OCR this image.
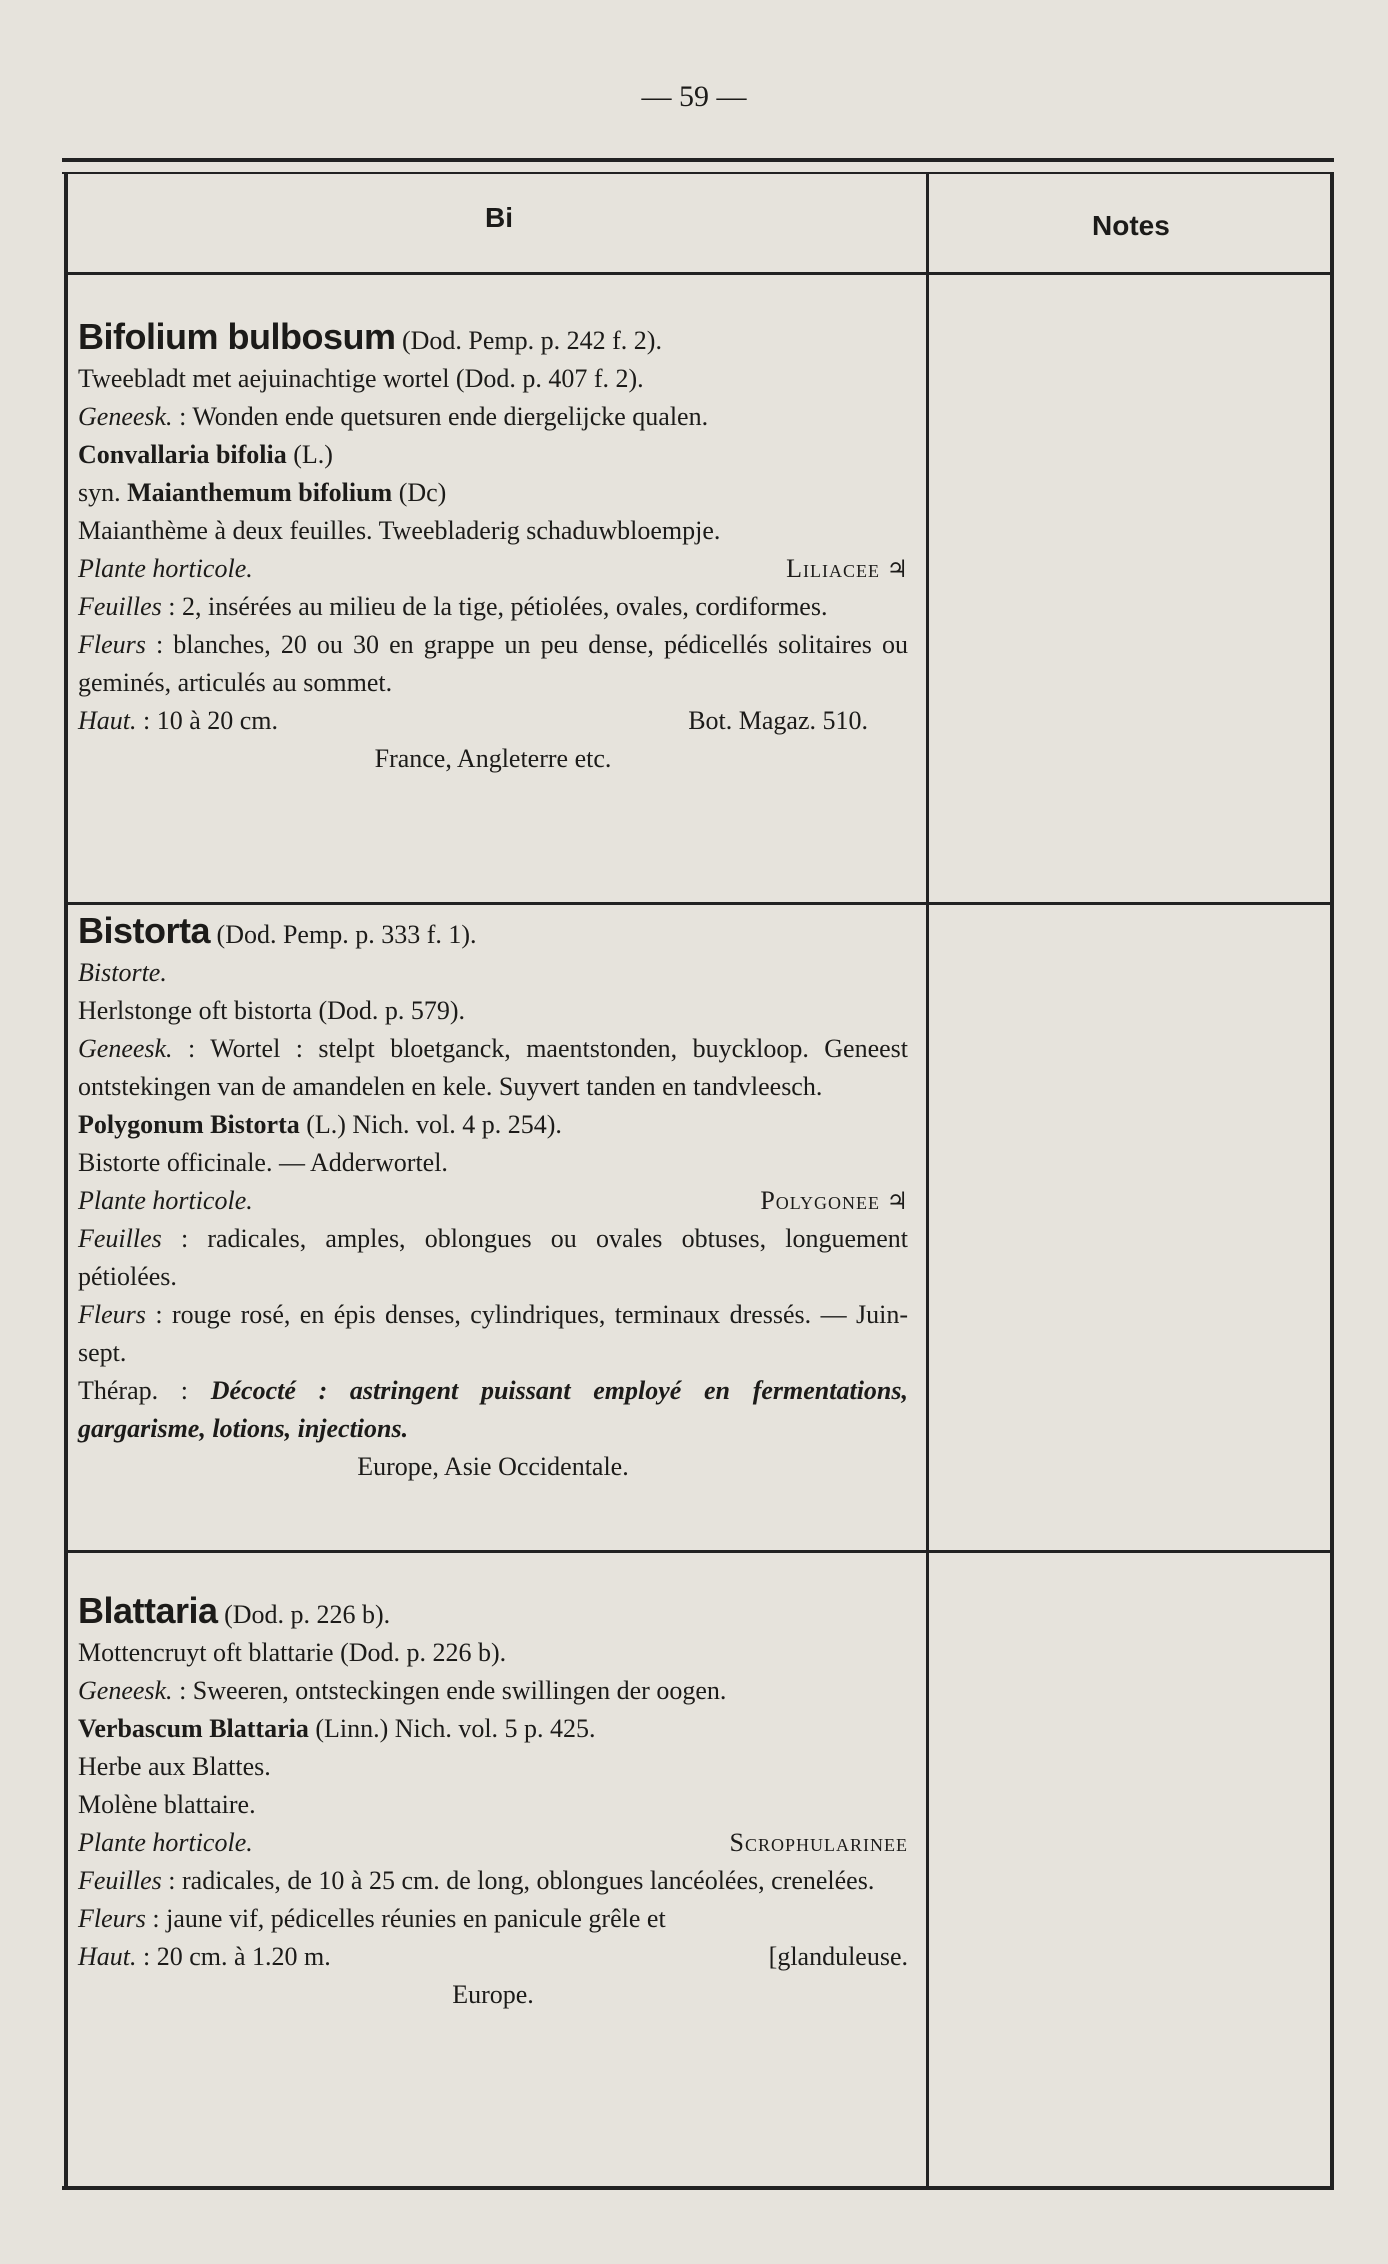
— 59 —
Bi	Notes

Bifolium bulbosum (Dod. Pemp. p. 242 f. 2).

Tweebladt met aejuinachtige wortel (Dod. p. 407 f. 2).

Geneesk. : Wonden ende quetsuren ende diergelijcke qualen.

Convallaria bifolia (L.)

syn. Maianthemum bifolium (Dc)

Maianthème à deux feuilles. Tweebladerig schaduwbloempje.

Plante horticole.	Liliacee ♃

Feuilles : 2, insérées au milieu de la tige, pétiolées, ovales, cordiformes.

Fleurs : blanches, 20 ou 30 en grappe un peu dense, pédicellés solitaires ou geminés, articulés au sommet.

Haut. : 10 à 20 cm.	Bot. Magaz. 510.

France, Angleterre etc.

Bistorta (Dod. Pemp. p. 333 f. 1).

Bistorte.

Herlstonge oft bistorta (Dod. p. 579).

Geneesk. : Wortel : stelpt bloetganck, maentstonden, buyckloop. Geneest ontstekingen van de amandelen en kele. Suyvert tanden en tandvleesch.

Polygonum Bistorta (L.) Nich. vol. 4 p. 254).

Bistorte officinale. — Adderwortel.

Plante horticole.	Polygonee ♃

Feuilles : radicales, amples, oblongues ou ovales obtuses, longuement pétiolées.

Fleurs : rouge rosé, en épis denses, cylindriques, terminaux dressés. — Juin-sept.

Thérap. : Décocté : astringent puissant employé en fermentations, gargarisme, lotions, injections.

Europe, Asie Occidentale.

Blattaria (Dod. p. 226 b).

Mottencruyt oft blattarie (Dod. p. 226 b).

Geneesk. : Sweeren, ontsteckingen ende swillingen der oogen.

Verbascum Blattaria (Linn.) Nich. vol. 5 p. 425.

Herbe aux Blattes.

Molène blattaire.

Plante horticole.	Scrophularinee

Feuilles : radicales, de 10 à 25 cm. de long, oblongues lancéolées, crenelées.

Fleurs : jaune vif, pédicelles réunies en panicule grêle et

Haut. : 20 cm. à 1.20 m.	[glanduleuse.

Europe.
